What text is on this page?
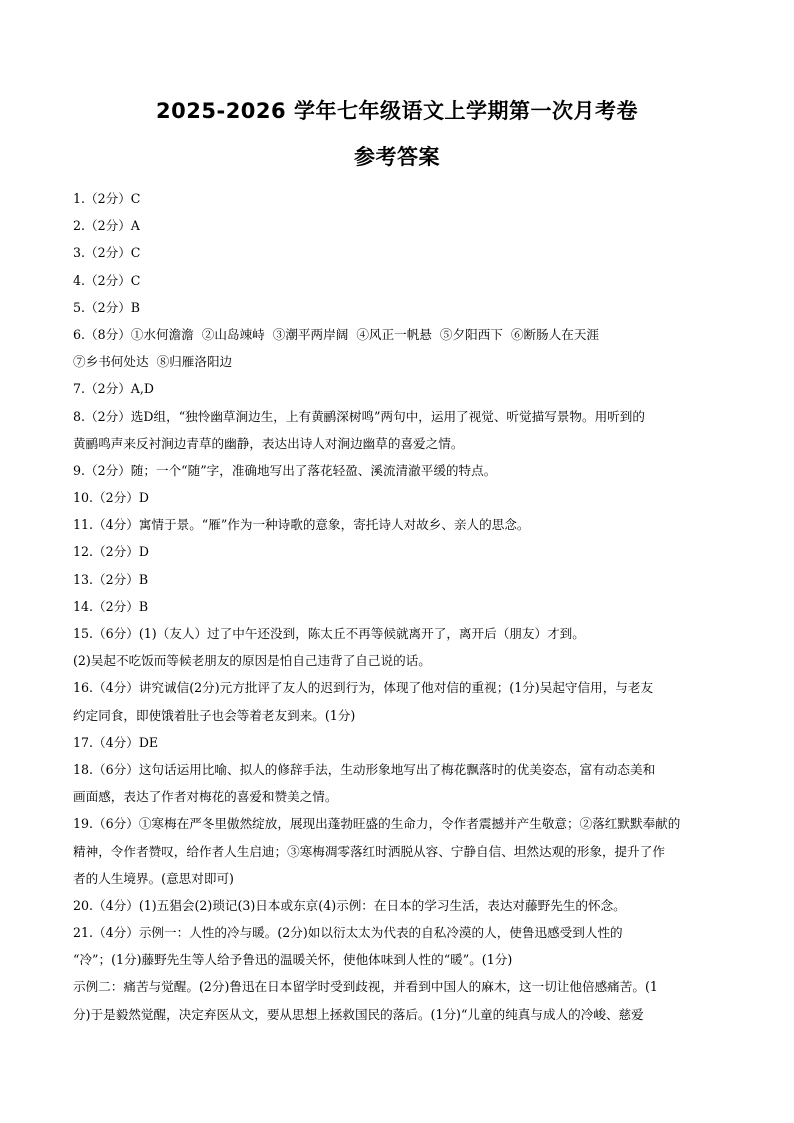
2025-2026 学年七年级语文上学期第一次月考卷
参考答案
1.（2分）C
2.（2分）A
3.（2分）C
4.（2分）C
5.（2分）B
6.（8分）①水何澹澹  ②山岛竦峙  ③潮平两岸阔  ④风正一帆悬  ⑤夕阳西下  ⑥断肠人在天涯
⑦乡书何处达  ⑧归雁洛阳边
7.（2分）A,D
8.（2分）选D组，“独怜幽草涧边生，上有黄鹂深树鸣”两句中，运用了视觉、听觉描写景物。用听到的
黄鹂鸣声来反衬涧边青草的幽静，表达出诗人对涧边幽草的喜爱之情。
9.（2分）随；一个“随”字，准确地写出了落花轻盈、溪流清澈平缓的特点。
10.（2分）D
11.（4分）寓情于景。“雁”作为一种诗歌的意象，寄托诗人对故乡、亲人的思念。
12.（2分）D
13.（2分）B
14.（2分）B
15.（6分）(1)（友人）过了中午还没到，陈太丘不再等候就离开了，离开后（朋友）才到。
(2)吴起不吃饭而等候老朋友的原因是怕自己违背了自己说的话。
16.（4分）讲究诚信(2分)元方批评了友人的迟到行为，体现了他对信的重视；(1分)吴起守信用，与老友
约定同食，即使饿着肚子也会等着老友到来。(1分)
17.（4分）DE
18.（6分）这句话运用比喻、拟人的修辞手法，生动形象地写出了梅花飘落时的优美姿态，富有动态美和
画面感，表达了作者对梅花的喜爱和赞美之情。
19.（6分）①寒梅在严冬里傲然绽放，展现出蓬勃旺盛的生命力，令作者震撼并产生敬意；②落红默默奉献的
精神，令作者赞叹，给作者人生启迪；③寒梅凋零落红时洒脱从容、宁静自信、坦然达观的形象，提升了作
者的人生境界。(意思对即可)
20.（4分）(1)五猖会(2)琐记(3)日本或东京(4)示例：在日本的学习生活，表达对藤野先生的怀念。
21.（4分）示例一：人性的冷与暖。(2分)如以衍太太为代表的自私冷漠的人，使鲁迅感受到人性的
“冷”；(1分)藤野先生等人给予鲁迅的温暖关怀，使他体味到人性的“暖”。(1分)
示例二：痛苦与觉醒。(2分)鲁迅在日本留学时受到歧视，并看到中国人的麻木，这一切让他倍感痛苦。(1
分)于是毅然觉醒，决定弃医从文，要从思想上拯救国民的落后。(1分)“儿童的纯真与成人的冷峻、慈爱
